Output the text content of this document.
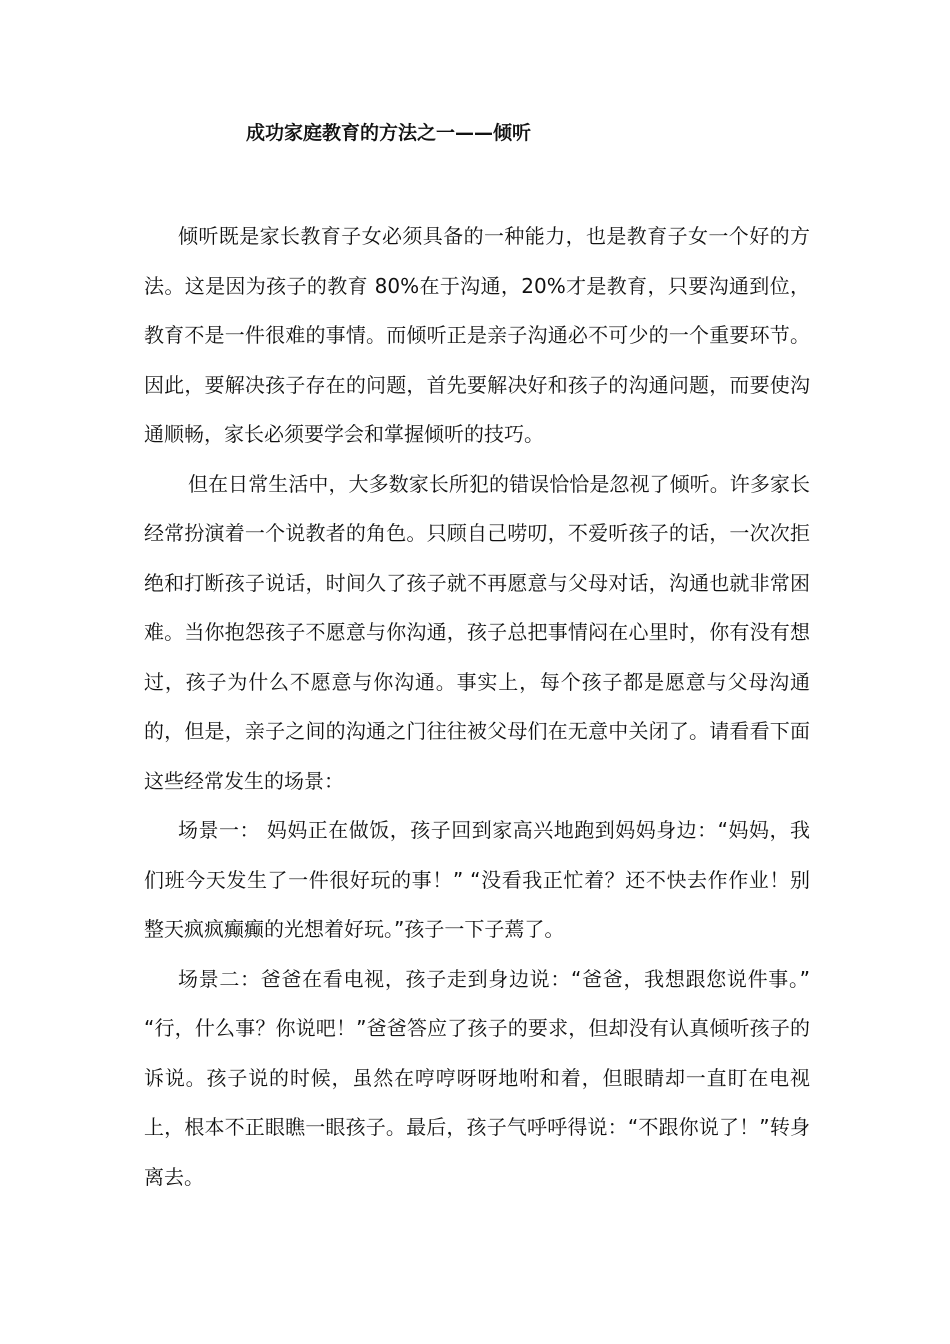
成功家庭教育的方法之一——倾听

倾听既是家长教育子女必须具备的一种能力，也是教育子女一个好的方法。这是因为孩子的教育 80%在于沟通，20%才是教育，只要沟通到位，教育不是一件很难的事情。而倾听正是亲子沟通必不可少的一个重要环节。因此，要解决孩子存在的问题，首先要解决好和孩子的沟通问题，而要使沟通顺畅，家长必须要学会和掌握倾听的技巧。

但在日常生活中，大多数家长所犯的错误恰恰是忽视了倾听。许多家长经常扮演着一个说教者的角色。只顾自己唠叨，不爱听孩子的话，一次次拒绝和打断孩子说话，时间久了孩子就不再愿意与父母对话，沟通也就非常困难。当你抱怨孩子不愿意与你沟通，孩子总把事情闷在心里时，你有没有想过，孩子为什么不愿意与你沟通。事实上，每个孩子都是愿意与父母沟通的，但是，亲子之间的沟通之门往往被父母们在无意中关闭了。请看看下面这些经常发生的场景：

场景一： 妈妈正在做饭，孩子回到家高兴地跑到妈妈身边：“妈妈，我们班今天发生了一件很好玩的事！” “没看我正忙着？还不快去作作业！别整天疯疯癫癫的光想着好玩。”孩子一下子蔫了。

场景二：爸爸在看电视，孩子走到身边说：“爸爸，我想跟您说件事。” “行，什么事？你说吧！”爸爸答应了孩子的要求，但却没有认真倾听孩子的诉说。孩子说的时候，虽然在哼哼呀呀地咐和着，但眼睛却一直盯在电视上，根本不正眼瞧一眼孩子。最后，孩子气呼呼得说：“不跟你说了！”转身离去。
